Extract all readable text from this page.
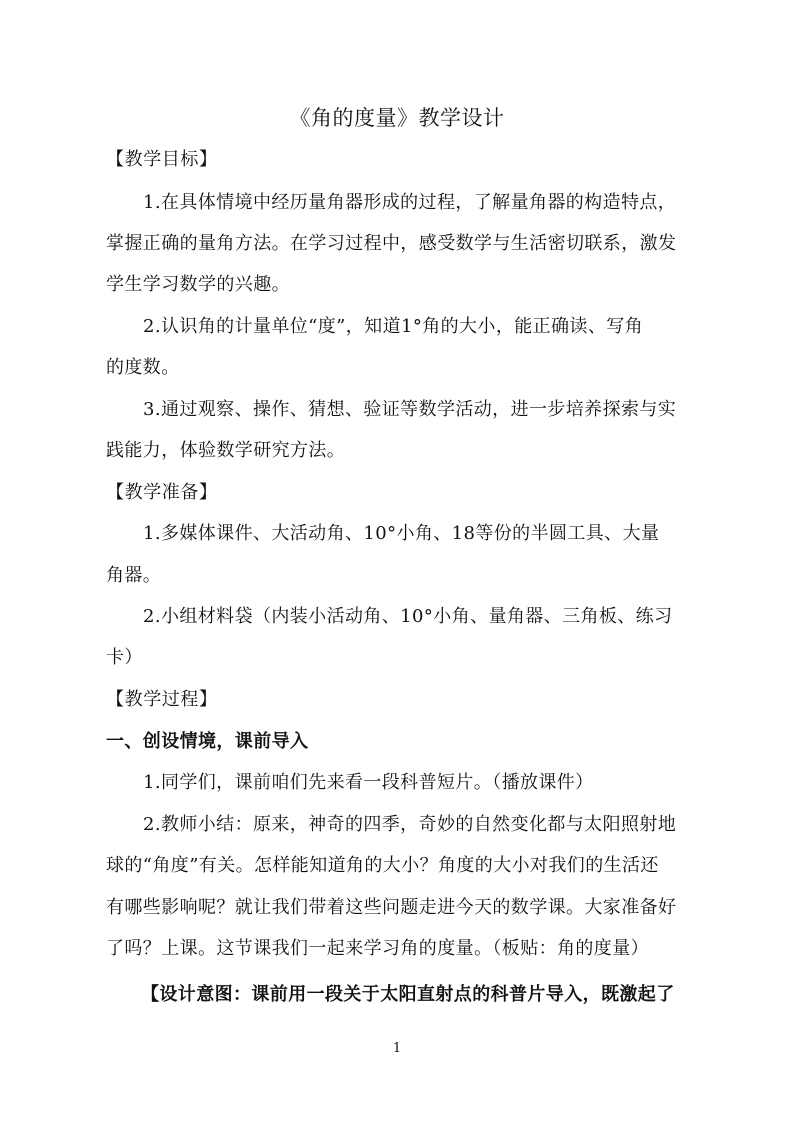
《角的度量》教学设计
【教学目标】
1.在具体情境中经历量角器形成的过程，了解量角器的构造特点，
掌握正确的量角方法。在学习过程中，感受数学与生活密切联系，激发
学生学习数学的兴趣。
2.认识角的计量单位“度”，知道1°角的大小，能正确读、写角
的度数。
3.通过观察、操作、猜想、验证等数学活动，进一步培养探索与实
践能力，体验数学研究方法。
【教学准备】
1.多媒体课件、大活动角、10°小角、18等份的半圆工具、大量
角器。
2.小组材料袋（内装小活动角、10°小角、量角器、三角板、练习
卡）
【教学过程】
一、创设情境，课前导入
1.同学们，课前咱们先来看一段科普短片。（播放课件）
2.教师小结：原来，神奇的四季，奇妙的自然变化都与太阳照射地
球的“角度”有关。怎样能知道角的大小？角度的大小对我们的生活还
有哪些影响呢？就让我们带着这些问题走进今天的数学课。大家准备好
了吗？上课。这节课我们一起来学习角的度量。（板贴：角的度量）
【设计意图：课前用一段关于太阳直射点的科普片导入，既激起了
1
